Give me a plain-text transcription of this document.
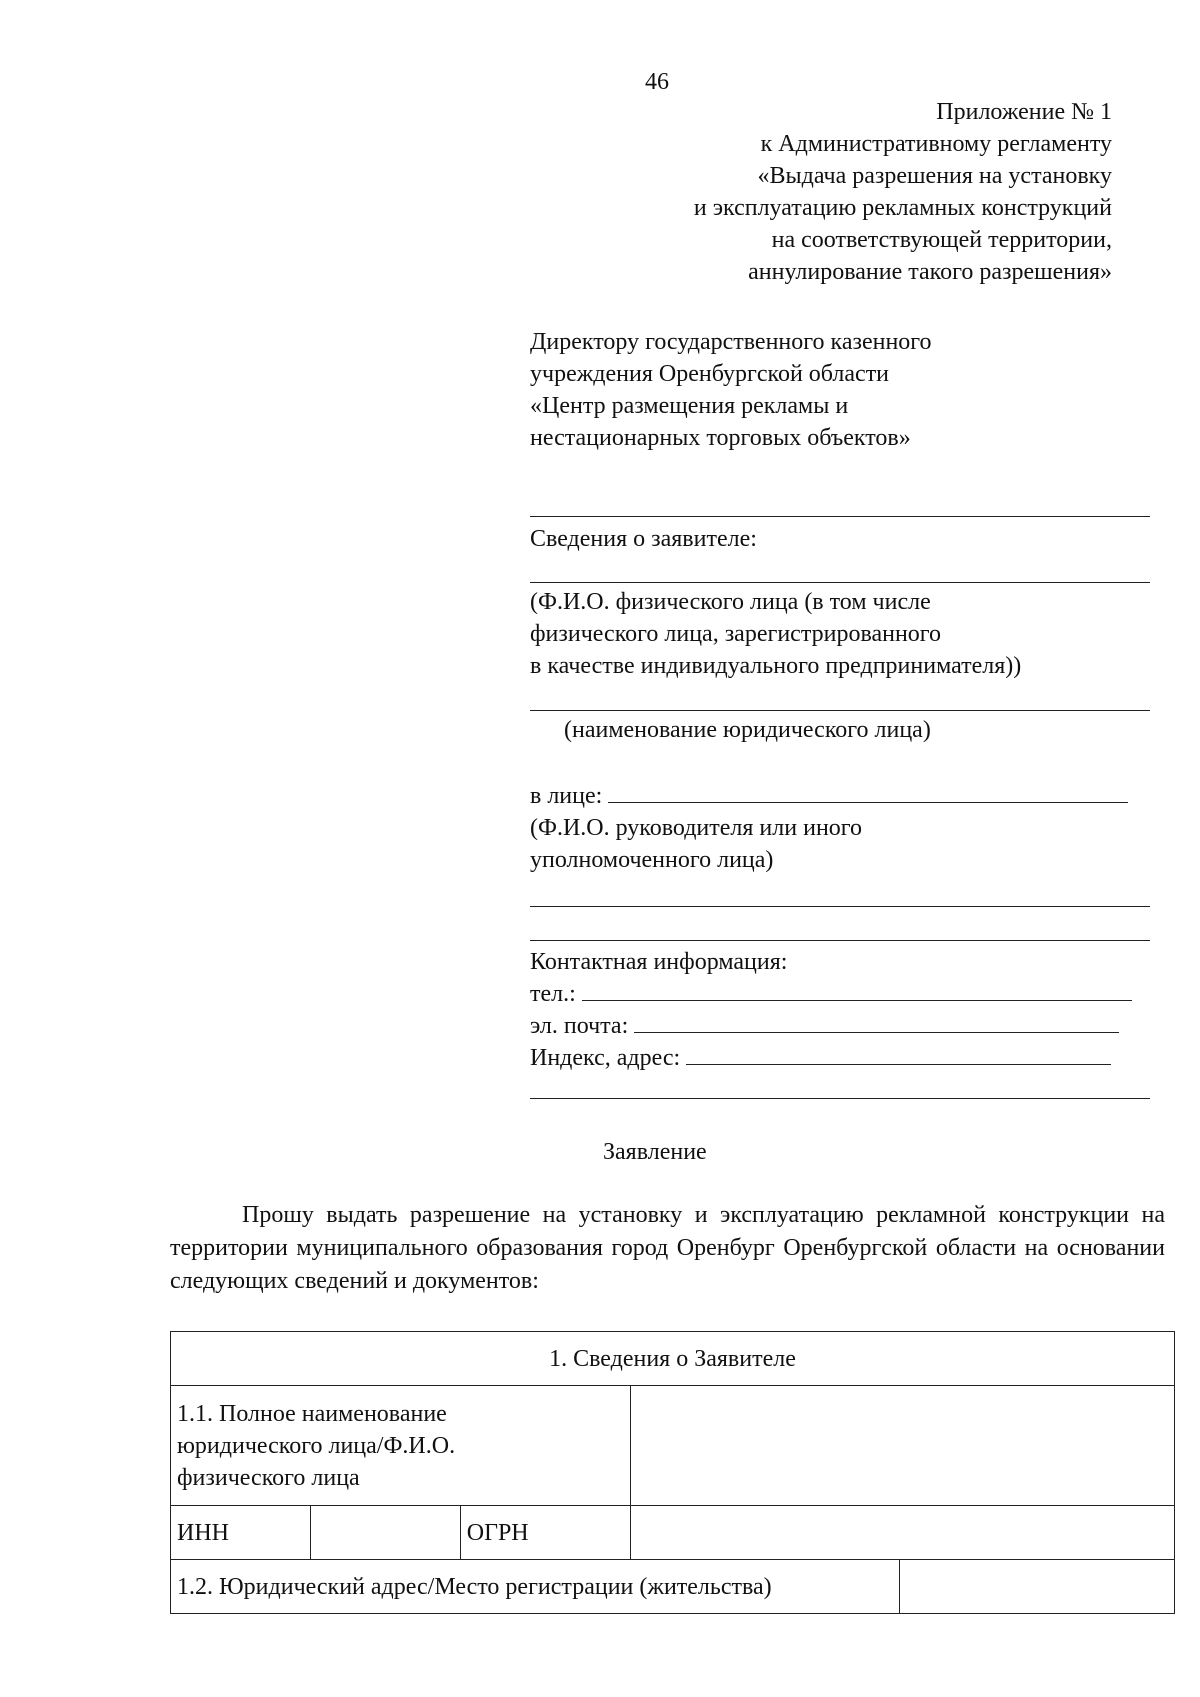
46
Приложение № 1
к Административному регламенту
«Выдача разрешения на установку
и эксплуатацию рекламных конструкций
на соответствующей территории,
аннулирование такого разрешения»
Директору государственного казенного
учреждения Оренбургской области
«Центр размещения рекламы и
нестационарных торговых объектов»
Сведения о заявителе:
(Ф.И.О. физического лица (в том числе
физического лица, зарегистрированного
в качестве индивидуального предпринимателя))
(наименование юридического лица)
в лице:
(Ф.И.О. руководителя или иного
уполномоченного лица)
Контактная информация:
тел.:
эл. почта:
Индекс, адрес:
Заявление
Прошу выдать разрешение на установку и эксплуатацию рекламной конструкции на территории муниципального образования город Оренбург Оренбургской области на основании следующих сведений и документов:
1. Сведения о Заявителе				

1.1. Полное наименование
юридического лица/Ф.И.О.
физического лица				

ИНН		ОГРН		
1.2. Юридический адрес/Место регистрации (жительства)				
